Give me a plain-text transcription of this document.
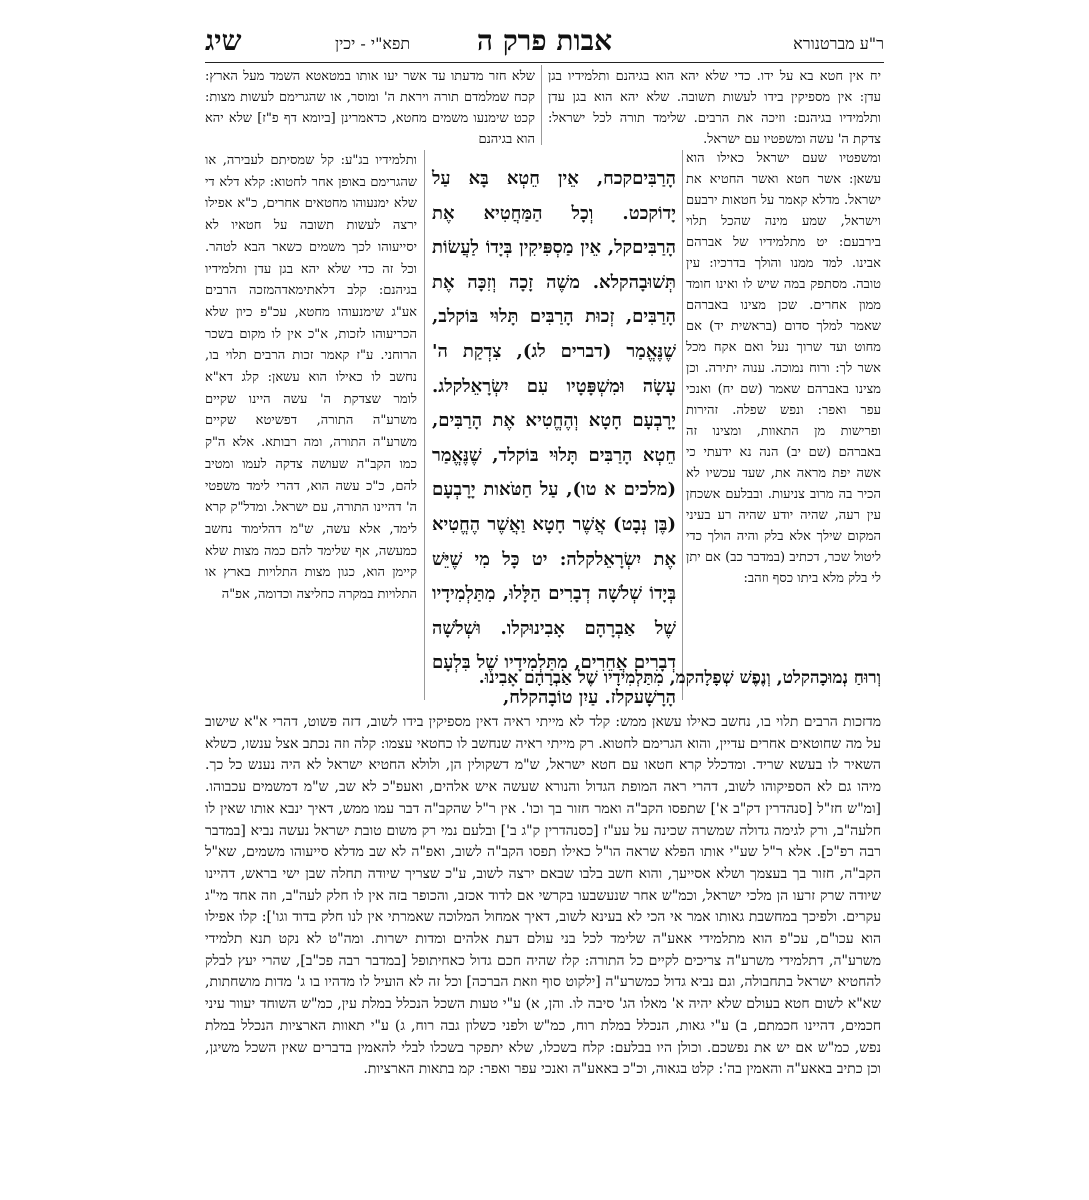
ר"ע מברטנורא
אבות פרק ה
תפא"י - יכין
שיג
יח אין חטא בא על ידו. כדי שלא יהא הוא בגיהנם ותלמידיו בגן עדן: אין מספיקין בידו לעשות תשובה. שלא יהא הוא בגן עדן ותלמידיו בגיהנם: וזיכה את הרבים. שלימד תורה לכל ישראל: צדקת ה' עשה ומשפטיו עם ישראל.
שלא חזר מדעתו עד אשר יעו אותו במטאטא השמד מעל הארץ: קכח שמלמדם תורה ויראת ה' ומוסר, או שהגרימם לעשות מצות: קכט שימנעו משמים מחטא, כדאמרינן [ביומא דף פ"ז] שלא יהא הוא בגיהנם

ומשפטיו שעם ישראל כאילו הוא עשאן: אשר חטא ואשר החטיא את ישראל. מדלא קאמר על חטאות ירבעם וישראל, שמע מינה שהכל תלוי בירבעם: יט מתלמידיו של אברהם אבינו. למד ממנו והולך בדרכיו: עין טובה. מסתפק במה שיש לו ואינו חומד ממון אחרים. שכן מצינו באברהם שאמר למלך סדום (בראשית יד) אם מחוט ועד שרוך נעל ואם אקח מכל אשר לך: ורוח נמוכה. ענוה יתירה. וכן מצינו באברהם שאמר (שם יח) ואנכי עפר ואפר: ונפש שפלה. זהירות ופרישות מן התאוות, ומצינו זה באברהם (שם יב) הנה נא ידעתי כי אשה יפת מראה את, שעד עכשיו לא הכיר בה מרוב צניעות. ובבלעם אשכחן עין רעה, שהיה יודע שהיה רע בעיני המקום שילך אלא בלק והיה הולך כדי ליטול שכר, דכתיב (במדבר כב) אם יתן לי בלק מלא ביתו כסף וזהב:

הָרַבִּיםקכח, אֵין חֵטְא בָּא עַל יָדוֹקכט. וְכָל הַמַּחֲטִיא אֶת הָרַבִּיםקל, אֵין מַסְפִּיקִין בְּיָדוֹ לַעֲשׂוֹת תְּשׁוּבָהקלא. משֶׁה זָכָה וְזִכָּה אֶת הָרַבִּים, זְכוּת הָרַבִּים תָּלוּי בּוֹקלב, שֶׁנֶּאֱמַר (דברים לג), צִדְקַת ה' עָשָׂה וּמִשְׁפָּטָיו עִם יִשְׂרָאֵלקלג. יָרָבְעָם חָטָא וְהֶחֱטִיא אֶת הָרַבִּים, חֵטְא הָרַבִּים תָּלוּי בּוֹקלד, שֶׁנֶּאֱמַר (מלכים א טו), עַל חַטֹּאות יָרָבְעָם (בֶּן נְבָט) אֲשֶׁר חָטָא וַאֲשֶׁר הֶחֱטִיא אֶת יִשְׂרָאֵלקלה: יט כָּל מִי שֶׁיֵּשׁ בְּיָדוֹ שְׁלשָׁה דְבָרִים הַלָּלוּ, מִתַּלְמִידָיו שֶׁל אַבְרָהָם אָבִינוּקלו. וּשְׁלשָׁה דְבָרִים אֲחֵרִים, מִתַּלְמִידָיו שֶׁל בִּלְעָם הָרָשָׁעקלז. עַיִן טוֹבָהקלח,

ותלמידיו בג"ע: קל שמסיתם לעבירה, או שהגרימם באופן אחר לחטוא: קלא דלא די שלא ימנעוהו מחטאים אחרים, כ"א אפילו ירצה לעשות תשובה על חטאיו לא יסייעוהו לכך משמים כשאר הבא לטהר. וכל זה כדי שלא יהא בגן עדן ותלמידיו בגיהנם: קלב דלאתימאדהמזכה הרבים אע"ג שימנעוהו מחטא, עכ"פ כיון שלא הכריעוהו לזכות, א"כ אין לו מקום בשכר הרוחני. ע"ז קאמר זכות הרבים תלוי בו, נחשב לו כאילו הוא עשאן: קלג דא"א לומר שצדקת ה' עשה היינו שקיים משרע"ה התורה, דפשיטא שקיים משרע"ה התורה, ומה רבותא. אלא ה"ק כמו הקב"ה שעושה צדקה לעמו ומטיב להם, כ"כ עשה הוא, דהרי לימד משפטי ה' דהיינו התורה, עם ישראל. ומדל"ק קרא לימד, אלא עשה, ש"מ דהלימוד נחשב כמעשה, אף שלימד להם כמה מצות שלא קיימן הוא, כגון מצות התלויות בארץ או התלויות במקרה כחליצה וכדומה, אפ"ה

וְרוּחַ נְמוּכָהקלט, וְנֶפֶשׁ שְׁפָלָהקמ, מִתַּלְמִידָיו שֶׁל אַבְרָהָם אָבִינוּ.

מדזכות הרבים תלוי בו, נחשב כאילו עשאן ממש: קלד לא מייתי ראיה דאין מספיקין בידו לשוב, דזה פשוט, דהרי א"א שישוב על מה שחוטאים אחרים עדיין, והוא הגרימם לחטוא. רק מייתי ראיה שנחשב לו כחטאי עצמו: קלה וזה נכתב אצל ענשו, כשלא השאיר לו בעשא שריד. ומדכלל קרא חטאו עם חטא ישראל, ש"מ דשקולין הן, ולולא החטיא ישראל לא היה נענש כל כך. מיהו גם לא הספיקוהו לשוב, דהרי ראה המופת הגדול והנורא שעשה איש אלהים, ואעפ"כ לא שב, ש"מ דמשמים עכבוהו. [ומ"ש חז"ל [סנהדרין דק"ב א'] שתפסו הקב"ה ואמר חזור בך וכו'. אין ר"ל שהקב"ה דבר עמו ממש, דאיך ינבא אותו שאין לו חלעה"ב, ורק לגימה גדולה שמשרה שכינה על עע"ז [כסנהדרין ק"ג ב'] ובלעם נמי רק משום טובת ישראל נעשה נביא [במדבר רבה רפ"כ]. אלא ר"ל שע"י אותו הפלא שראה הו"ל כאילו תפסו הקב"ה לשוב, ואפ"ה לא שב מדלא סייעוהו משמים, שא"ל הקב"ה, חזור בך בעצמך ושלא אסייעך, והוא חשב בלבו שבאם ירצה לשוב, ע"כ שצריך שיודה תחלה שבן ישי בראש, דהיינו שיודה שרק זרעו הן מלכי ישראל, וכמ"ש אחר שנעשבעו בקרשי אם לדוד אכזב, והכופר בזה אין לו חלק לעה"ב, וזה אחד מי"ג עקרים. ולפיכך במחשבת גאותו אמר אי הכי לא בעינא לשוב, דאיך אמחול המלוכה שאמרתי אין לנו חלק בדוד וגו']: קלו אפילו הוא עכו"ם, עכ"פ הוא מתלמידי אאע"ה שלימד לכל בני עולם דעת אלהים ומדות ישרות. ומה"ט לא נקט תנא תלמידי משרע"ה, דתלמידי משרע"ה צריכים לקיים כל התורה: קלז שהיה חכם גדול כאחיתופל [במדבר רבה פכ"ב], שהרי יעץ לבלק להחטיא ישראל בתחבולה, וגם נביא גדול כמשרע"ה [ילקוט סוף וזאת הברכה] וכל זה לא הועיל לו מדהיו בו ג' מדות מושחתות, שא"א לשום חטא בעולם שלא יהיה א' מאלו הג' סיבה לו. והן, א) ע"י טעות השכל הנכלל במלת עין, כמ"ש השוחד יעוור עיני חכמים, דהיינו חכמתם, ב) ע"י גאות, הנכלל במלת רוח, כמ"ש ולפני כשלון גבה רוח, ג) ע"י תאוות הארציות הנכלל במלת נפש, כמ"ש אם יש את נפשכם. וכולן היו בבלעם: קלח בשכלו, שלא יתפקר בשכלו לבלי להאמין בדברים שאין השכל משיגן, וכן כתיב באאע"ה והאמין בה': קלט בגאוה, וכ"כ באאע"ה ואנכי עפר ואפר: קמ בתאות הארציות.
